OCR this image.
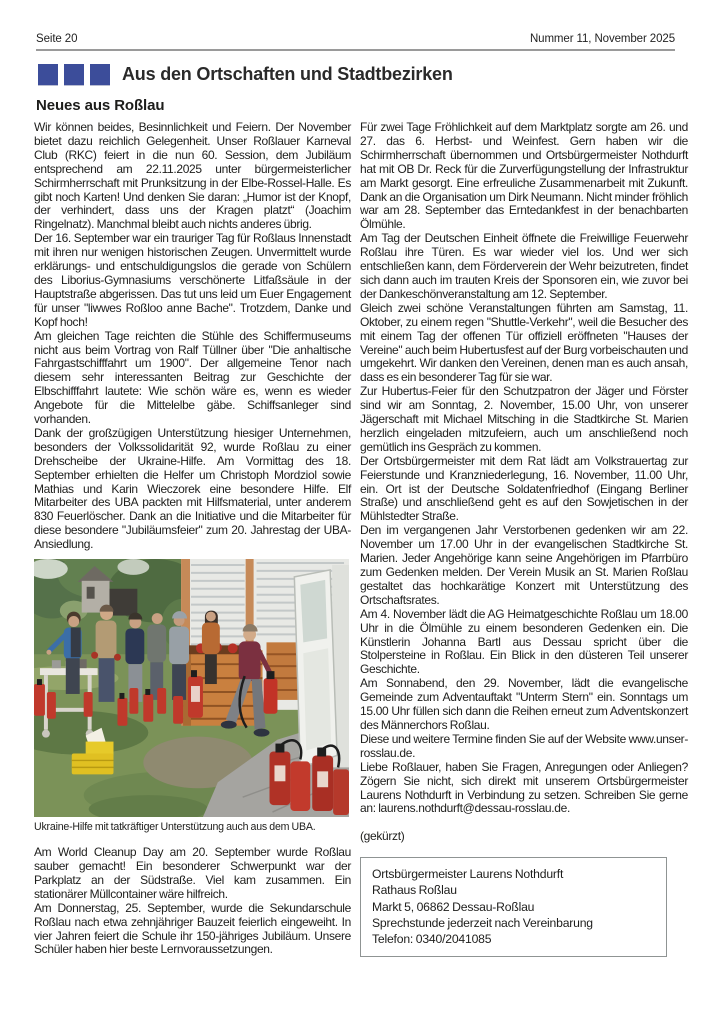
Seite 20	Nummer 11, November 2025
Aus den Ortschaften und Stadtbezirken
Neues aus Roßlau

Wir können beides, Besinnlichkeit und Feiern. Der November bietet dazu reichlich Gelegenheit. Unser Roßlauer Karneval Club (RKC) feiert in die nun 60. Session, dem Jubiläum entsprechend am 22.11.2025 unter bürgermeisterlicher Schirmherrschaft mit Prunksitzung in der Elbe-Rossel-Halle. Es gibt noch Karten! Und denken Sie daran: „Humor ist der Knopf, der verhindert, dass uns der Kragen platzt“ (Joachim Ringelnatz). Manchmal bleibt auch nichts anderes übrig.

Der 16. September war ein trauriger Tag für Roßlaus Innenstadt mit ihren nur wenigen historischen Zeugen. Unvermittelt wurde erklärungs- und entschuldigungslos die gerade von Schülern des Liborius-Gymnasiums verschönerte Litfaßsäule in der Hauptstraße abgerissen. Das tut uns leid um Euer Engagement für unser "liwwes Roßloo anne Bache". Trotzdem, Danke und Kopf hoch!

Am gleichen Tage reichten die Stühle des Schiffermuseums nicht aus beim Vortrag von Ralf Tüllner über "Die anhaltische Fahrgastschifffahrt um 1900". Der allgemeine Tenor nach diesem sehr interessanten Beitrag zur Geschichte der Elbschifffahrt lautete: Wie schön wäre es, wenn es wieder Angebote für die Mittelelbe gäbe. Schiffsanleger sind vorhanden.

Dank der großzügigen Unterstützung hiesiger Unternehmen, besonders der Volkssolidarität 92, wurde Roßlau zu einer Drehscheibe der Ukraine-Hilfe. Am Vormittag des 18. September erhielten die Helfer um Christoph Mordziol sowie Mathias und Karin Wieczorek eine besondere Hilfe. Elf Mitarbeiter des UBA packten mit Hilfsmaterial, unter anderem 830 Feuerlöscher. Dank an die Initiative und die Mitarbeiter für diese besondere "Jubiläumsfeier" zum 20. Jahrestag der UBA-Ansiedlung.

Ukraine-Hilfe mit tatkräftiger Unterstützung auch aus dem UBA.

Am World Cleanup Day am 20. September wurde Roßlau sauber gemacht! Ein besonderer Schwerpunkt war der Parkplatz an der Südstraße. Viel kam zusammen. Ein stationärer Müllcontainer wäre hilfreich.

Am Donnerstag, 25. September, wurde die Sekundarschule Roßlau nach etwa zehnjähriger Bauzeit feierlich eingeweiht. In vier Jahren feiert die Schule ihr 150-jähriges Jubiläum. Unsere Schüler haben hier beste Lernvoraussetzungen.

Für zwei Tage Fröhlichkeit auf dem Marktplatz sorgte am 26. und 27. das 6. Herbst- und Weinfest. Gern haben wir die Schirmherrschaft übernommen und Ortsbürgermeister Nothdurft hat mit OB Dr. Reck für die Zurverfügungstellung der Infrastruktur am Markt gesorgt. Eine erfreuliche Zusammenarbeit mit Zukunft. Dank an die Organisation um Dirk Neumann. Nicht minder fröhlich war am 28. September das Erntedankfest in der benachbarten Ölmühle.

Am Tag der Deutschen Einheit öffnete die Freiwillige Feuerwehr Roßlau ihre Türen. Es war wieder viel los. Und wer sich entschließen kann, dem Förderverein der Wehr beizutreten, findet sich dann auch im trauten Kreis der Sponsoren ein, wie zuvor bei der Dankeschönveranstaltung am 12. September.

Gleich zwei schöne Veranstaltungen führten am Samstag, 11. Oktober, zu einem regen "Shuttle-Verkehr", weil die Besucher des mit einem Tag der offenen Tür offiziell eröffneten "Hauses der Vereine" auch beim Hubertusfest auf der Burg vorbeischauten und umgekehrt. Wir danken den Vereinen, denen man es auch ansah, dass es ein besonderer Tag für sie war.

Zur Hubertus-Feier für den Schutzpatron der Jäger und Förster sind wir am Sonntag, 2. November, 15.00 Uhr, von unserer Jägerschaft mit Michael Mitsching in die Stadtkirche St. Marien herzlich eingeladen mitzufeiern, auch um anschließend noch gemütlich ins Gespräch zu kommen.

Der Ortsbürgermeister mit dem Rat lädt am Volkstrauertag zur Feierstunde und Kranzniederlegung, 16. November, 11.00 Uhr, ein. Ort ist der Deutsche Soldatenfriedhof (Eingang Berliner Straße) und anschließend geht es auf den Sowjetischen in der Mühlstedter Straße.

Den im vergangenen Jahr Verstorbenen gedenken wir am 22. November um 17.00 Uhr in der evangelischen Stadtkirche St. Marien. Jeder Angehörige kann seine Angehörigen im Pfarrbüro zum Gedenken melden. Der Verein Musik an St. Marien Roßlau gestaltet das hochkarätige Konzert mit Unterstützung des Ortschaftsrates.

Am 4. November lädt die AG Heimatgeschichte Roßlau um 18.00 Uhr in die Ölmühle zu einem besonderen Gedenken ein. Die Künstlerin Johanna Bartl aus Dessau spricht über die Stolpersteine in Roßlau. Ein Blick in den düsteren Teil unserer Geschichte.

Am Sonnabend, den 29. November, lädt die evangelische Gemeinde zum Adventauftakt "Unterm Stern" ein. Sonntags um 15.00 Uhr füllen sich dann die Reihen erneut zum Adventskonzert des Männerchors Roßlau.

Diese und weitere Termine finden Sie auf der Website www.unser-rosslau.de.

Liebe Roßlauer, haben Sie Fragen, Anregungen oder Anliegen? Zögern Sie nicht, sich direkt mit unserem Ortsbürgermeister Laurens Nothdurft in Verbindung zu setzen. Schreiben Sie gerne an: laurens.nothdurft@dessau-rosslau.de.

(gekürzt)

Ortsbürgermeister Laurens Nothdurft
Rathaus Roßlau
Markt 5, 06862 Dessau-Roßlau
Sprechstunde jederzeit nach Vereinbarung
Telefon: 0340/2041085
